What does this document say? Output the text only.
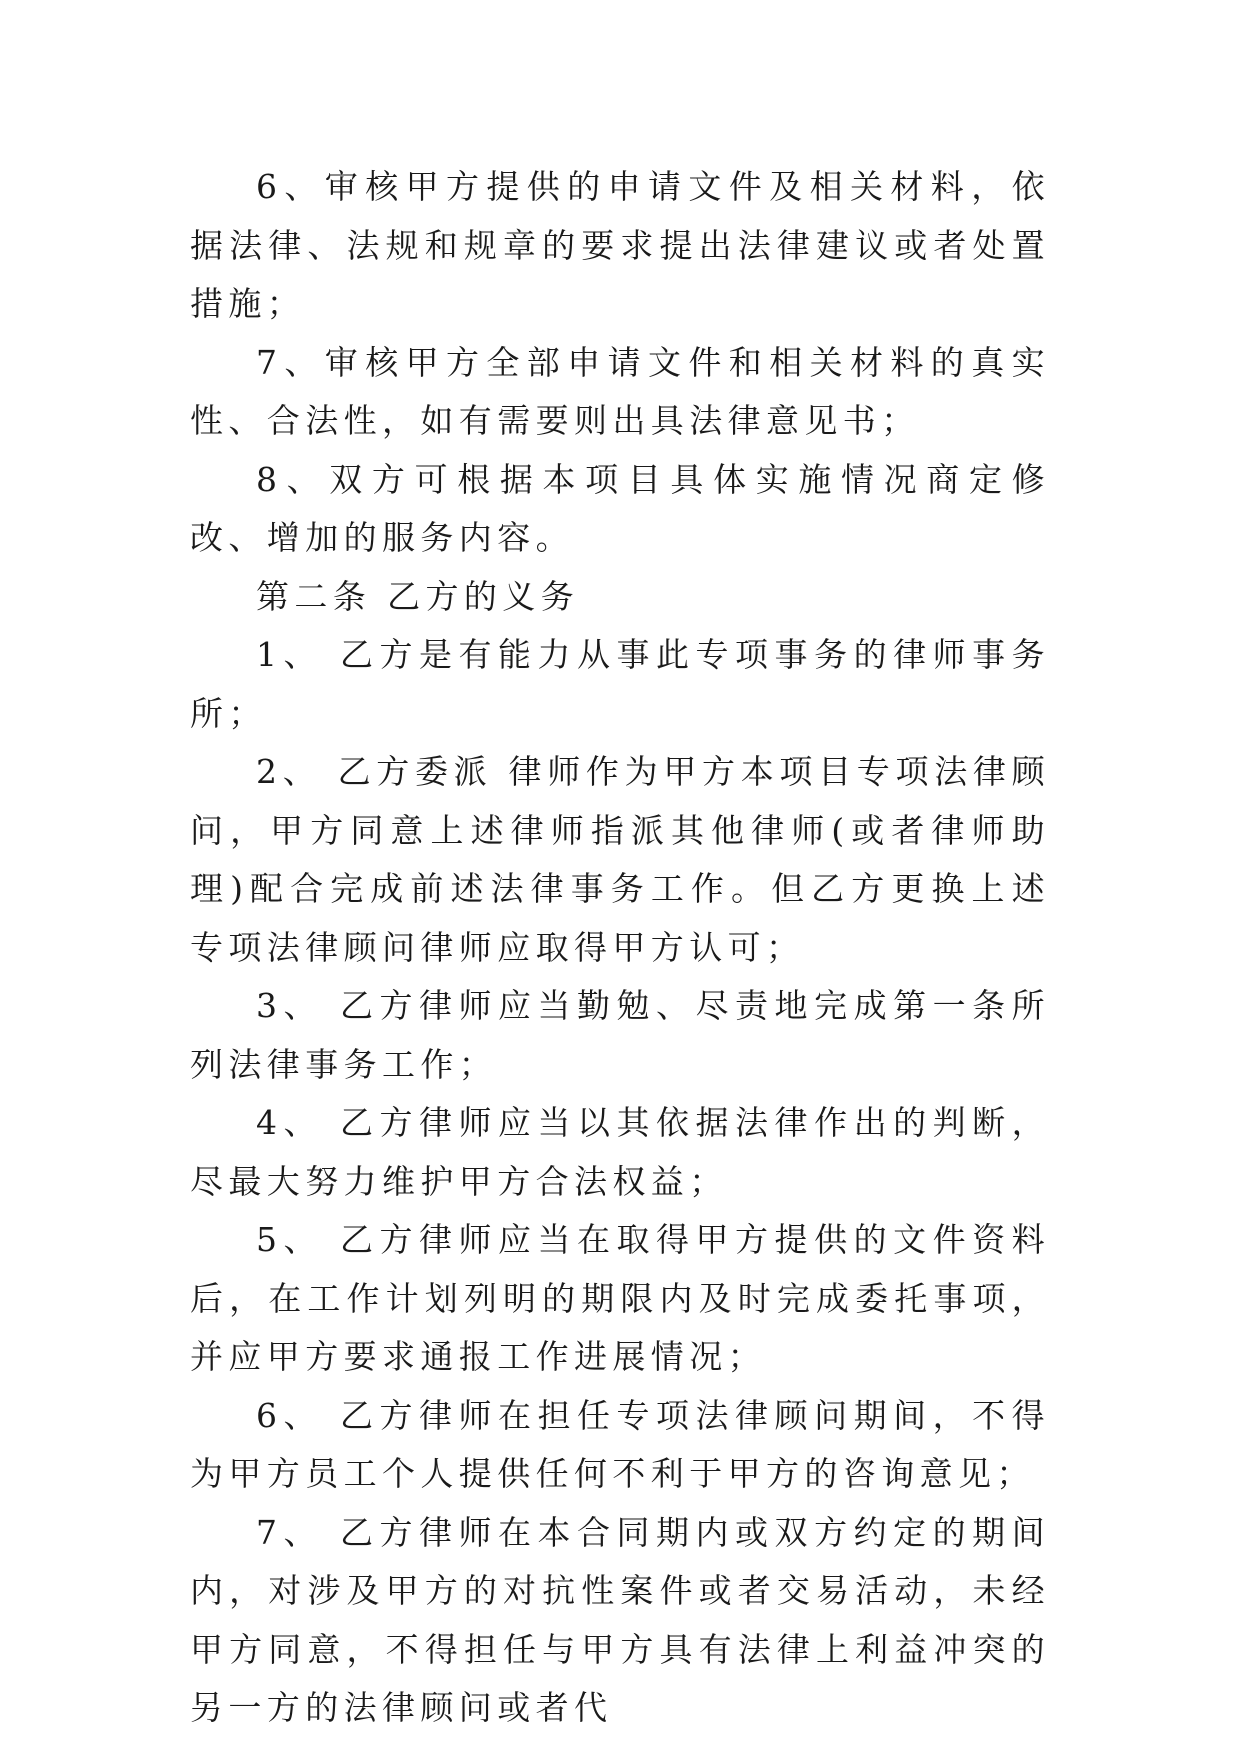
6、审核甲方提供的申请文件及相关材料，依据法律、法规和规章的要求提出法律建议或者处置措施；

7、审核甲方全部申请文件和相关材料的真实性、合法性，如有需要则出具法律意见书；

8、双方可根据本项目具体实施情况商定修改、增加的服务内容。

第二条 乙方的义务

1、 乙方是有能力从事此专项事务的律师事务所；

2、 乙方委派 律师作为甲方本项目专项法律顾问，甲方同意上述律师指派其他律师(或者律师助理)配合完成前述法律事务工作。但乙方更换上述专项法律顾问律师应取得甲方认可；

3、 乙方律师应当勤勉、尽责地完成第一条所列法律事务工作；

4、 乙方律师应当以其依据法律作出的判断，尽最大努力维护甲方合法权益；

5、 乙方律师应当在取得甲方提供的文件资料后，在工作计划列明的期限内及时完成委托事项，并应甲方要求通报工作进展情况；

6、 乙方律师在担任专项法律顾问期间，不得为甲方员工个人提供任何不利于甲方的咨询意见；

7、 乙方律师在本合同期内或双方约定的期间内，对涉及甲方的对抗性案件或者交易活动，未经甲方同意，不得担任与甲方具有法律上利益冲突的另一方的法律顾问或者代
